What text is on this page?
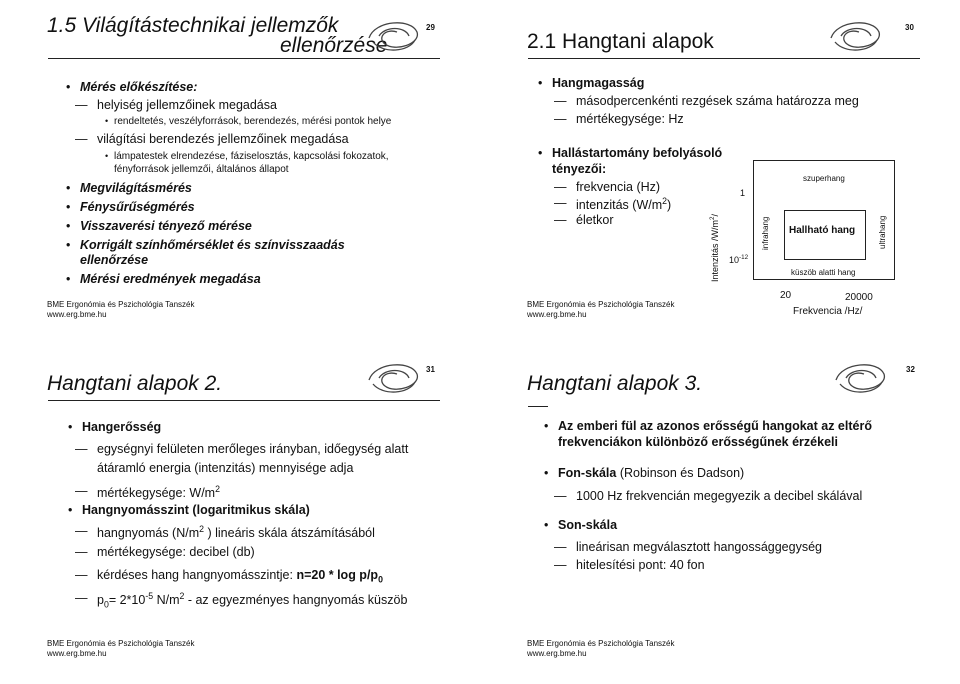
1.5 Világítástechnikai jellemzők
ellenőrzése
29
• Mérés előkészítése:
— helyiség jellemzőinek megadása
• rendeltetés, veszélyforrások, berendezés, mérési pontok helye
— világítási berendezés jellemzőinek megadása
• lámpatestek elrendezése, fáziselosztás, kapcsolási fokozatok,
fényforrások jellemzői, általános állapot
• Megvilágításmérés
• Fénysűrűségmérés
• Visszaverési tényező mérése
• Korrigált színhőmérséklet és színvisszaadás
ellenőrzése
• Mérési eredmények megadása
BME Ergonómia és Pszichológia Tanszék
www.erg.bme.hu
2.1 Hangtani alapok
30
• Hangmagasság
— másodpercenkénti rezgések száma határozza meg
— mértékegysége: Hz
• Hallástartomány befolyásoló
tényezői:
— frekvencia (Hz)
— intenzitás $(W/m^2)$
— életkor	Intenzitás $/W/m^2/$
1
$10^{-12}$
infrahang	ultrahang
szuperhang
Hallható hang
küszöb alatti hang
20	20000
Frekvencia /Hz/
BME Ergonómia és Pszichológia Tanszék
www.erg.bme.hu
Hangtani alapok 2.
31
• Hangerősség
— egységnyi felületen merőleges irányban, időegység alatt
átáramló energia (intenzitás) mennyisége adja
— mértékegysége: $W/m^2$
• Hangnyomásszint (logaritmikus skála)
— hangnyomás ($N/m^2$ ) lineáris skála átszámításából
— mértékegysége: decibel (db)
— kérdéses hang hangnyomásszintje: $n=20 * \log p/p_0$
— $p_0= 2*10^{-5}$ $N/m^2$ - az egyezményes hangnyomás küszöb
BME Ergonómia és Pszichológia Tanszék
www.erg.bme.hu
Hangtani alapok 3.
32
• Az emberi fül az azonos erősségű hangokat az eltérő
frekvenciákon különböző erősségűnek érzékeli
• Fon-skála (Robinson és Dadson)
— 1000 Hz frekvencián megegyezik a decibel skálával
• Son-skála
— lineárisan megválasztott hangossággegység
— hitelesítési pont: 40 fon
BME Ergonómia és Pszichológia Tanszék
www.erg.bme.hu
